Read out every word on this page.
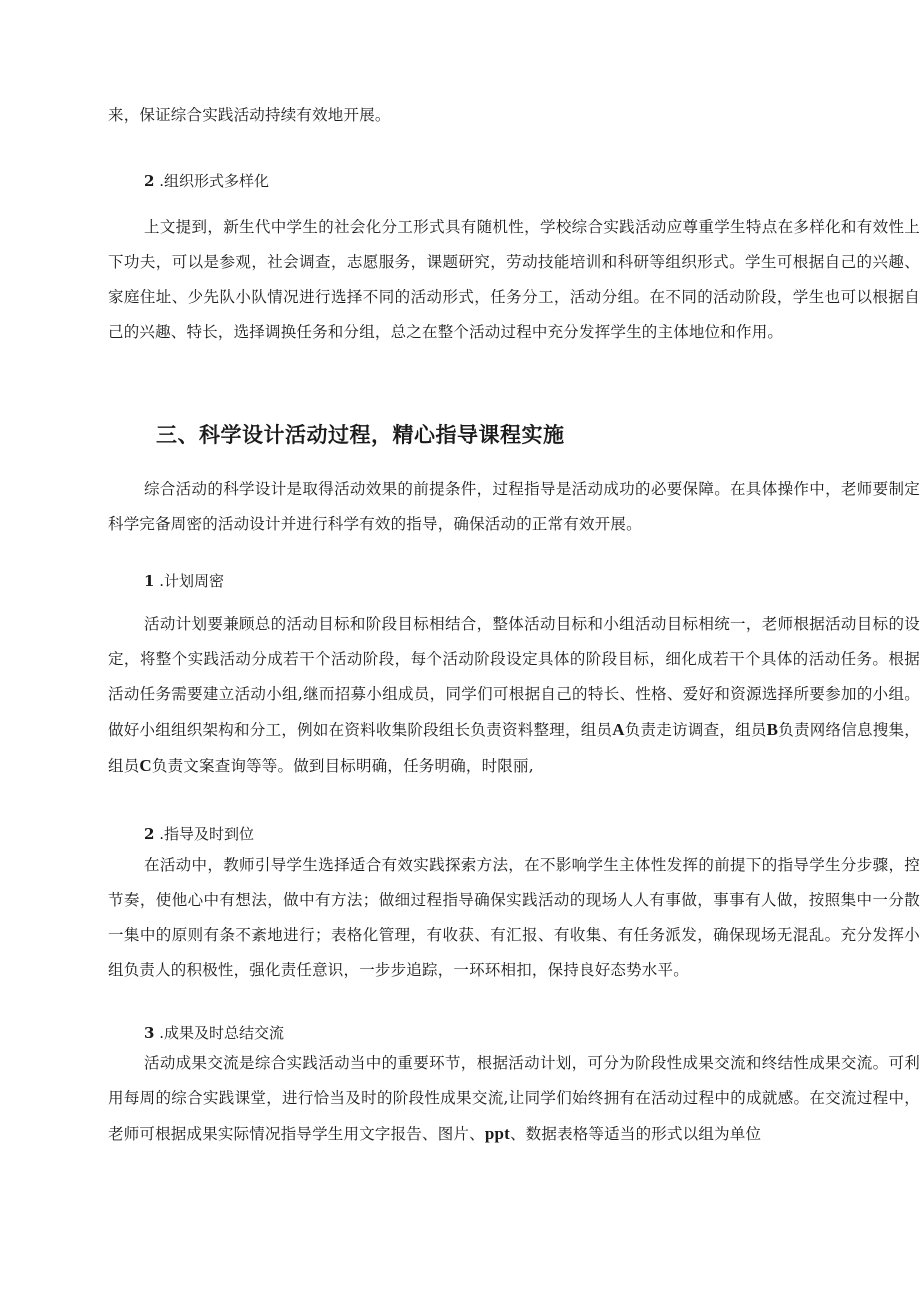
来，保证综合实践活动持续有效地开展。

2 .组织形式多样化

上文提到，新生代中学生的社会化分工形式具有随机性，学校综合实践活动应尊重学生特点在多样化和有效性上下功夫，可以是参观，社会调查，志愿服务，课题研究，劳动技能培训和科研等组织形式。学生可根据自己的兴趣、家庭住址、少先队小队情况进行选择不同的活动形式，任务分工，活动分组。在不同的活动阶段，学生也可以根据自己的兴趣、特长，选择调换任务和分组，总之在整个活动过程中充分发挥学生的主体地位和作用。

三、科学设计活动过程，精心指导课程实施

综合活动的科学设计是取得活动效果的前提条件，过程指导是活动成功的必要保障。在具体操作中，老师要制定科学完备周密的活动设计并进行科学有效的指导，确保活动的正常有效开展。

1 .计划周密

活动计划要兼顾总的活动目标和阶段目标相结合，整体活动目标和小组活动目标相统一，老师根据活动目标的设定，将整个实践活动分成若干个活动阶段，每个活动阶段设定具体的阶段目标，细化成若干个具体的活动任务。根据活动任务需要建立活动小组,继而招募小组成员，同学们可根据自己的特长、性格、爱好和资源选择所要参加的小组。做好小组组织架构和分工，例如在资料收集阶段组长负责资料整理，组员A负责走访调查，组员B负责网络信息搜集，组员C负责文案查询等等。做到目标明确，任务明确，时限丽,

2 .指导及时到位

在活动中，教师引导学生选择适合有效实践探索方法，在不影响学生主体性发挥的前提下的指导学生分步骤，控节奏，使他心中有想法，做中有方法；做细过程指导确保实践活动的现场人人有事做，事事有人做，按照集中一分散一集中的原则有条不紊地进行；表格化管理，有收获、有汇报、有收集、有任务派发，确保现场无混乱。充分发挥小组负责人的积极性，强化责任意识，一步步追踪，一环环相扣，保持良好态势水平。

3 .成果及时总结交流

活动成果交流是综合实践活动当中的重要环节，根据活动计划，可分为阶段性成果交流和终结性成果交流。可利用每周的综合实践课堂，进行恰当及时的阶段性成果交流,让同学们始终拥有在活动过程中的成就感。在交流过程中，老师可根据成果实际情况指导学生用文字报告、图片、ppt、数据表格等适当的形式以组为单位
